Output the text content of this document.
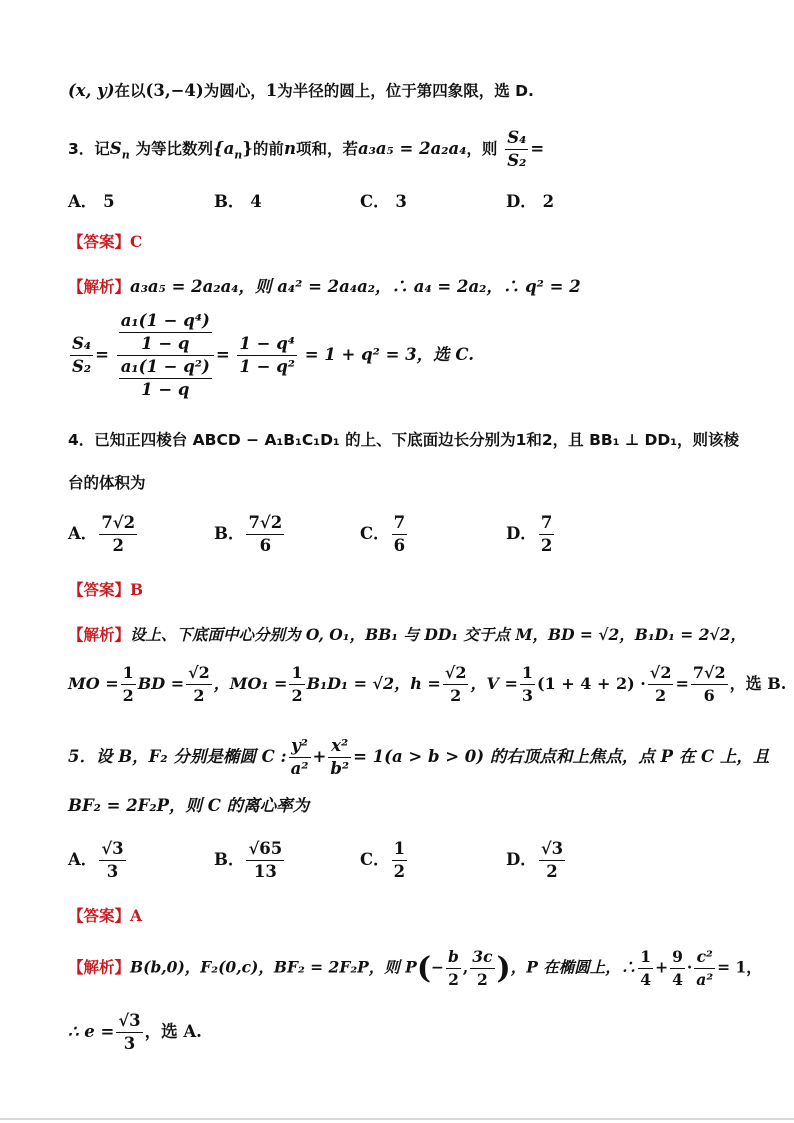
(x, y)在以(3,−4)为圆心，1为半径的圆上，位于第四象限，选 D.
3．记$S_n$ 为等比数列$\{a_n\}$的前n项和，若a₃a₅ = 2a₂a₄，则 $\frac{\text{S₄}}{\text{S₂}}$ =
A． 5	B． 4	C． 3	D． 2
【答案】C
【解析】a₃a₅ = 2a₂a₄，则 a₄² = 2a₄a₂，∴ a₄ = 2a₂，∴ q² = 2
$\frac{\text{S₄}}{\text{S₂}} = \frac{\frac{\text{a₁(1 − q⁴)}}{1 - q}}{\frac{\text{a₁(1 − q²)}}{1 - q}} = \frac{\text{1 − q⁴}}{\text{1 − q²}} = 1 + q^2 = 3$，选 C.
4．已知正四棱台 ABCD − A₁B₁C₁D₁ 的上、下底面边长分别为1和2，且 BB₁ ⊥ DD₁，则该棱
台的体积为
A． $\frac{7√2}{2}$	B． $\frac{7√2}{6}$	C． $\frac{7}{6}$	D． $\frac{7}{2}$
【答案】B
【解析】设上、下底面中心分别为 O, O₁，BB₁ 与 DD₁ 交于点 M，BD = √2，B₁D₁ = 2√2，
MO = $\frac{1}{2}$ BD = $\frac{√2}{2}$ ，$MO_1 = \frac{1}{2} B_1D_1 = √2$，$h = \frac{√2}{2}$ ，$V = \frac{1}{3} (1 + 4 + 2) \cdot \frac{√2}{2} = \frac{7√2}{6}$ ，选 B.
5．设 B，F₂ 分别是椭圆 C : $\frac{\text{y²}}{\text{a²}} + \frac{\text{x²}}{\text{b²}} = 1(a > b > 0)$ 的右顶点和上焦点，点 P 在 C 上，且
BF₂ = 2F₂P，则 C 的离心率为
A． $\frac{√3}{3}$	B． $\frac{√65}{13}$	C． $\frac{1}{2}$	D． $\frac{√3}{2}$
【答案】A
【解析】B(b,0)，F₂(0,c)，BF₂ = 2F₂P，则 $P(- \frac{b}{2}$ , $\frac{3c}{2}$ )，P 在椭圆上，∴ $\frac{1}{4} + \frac{9}{4} \cdot \frac{\text{c²}}{\text{a²}} = 1$，
∴ $e = \frac{√3}{3}$ ，选 A.
